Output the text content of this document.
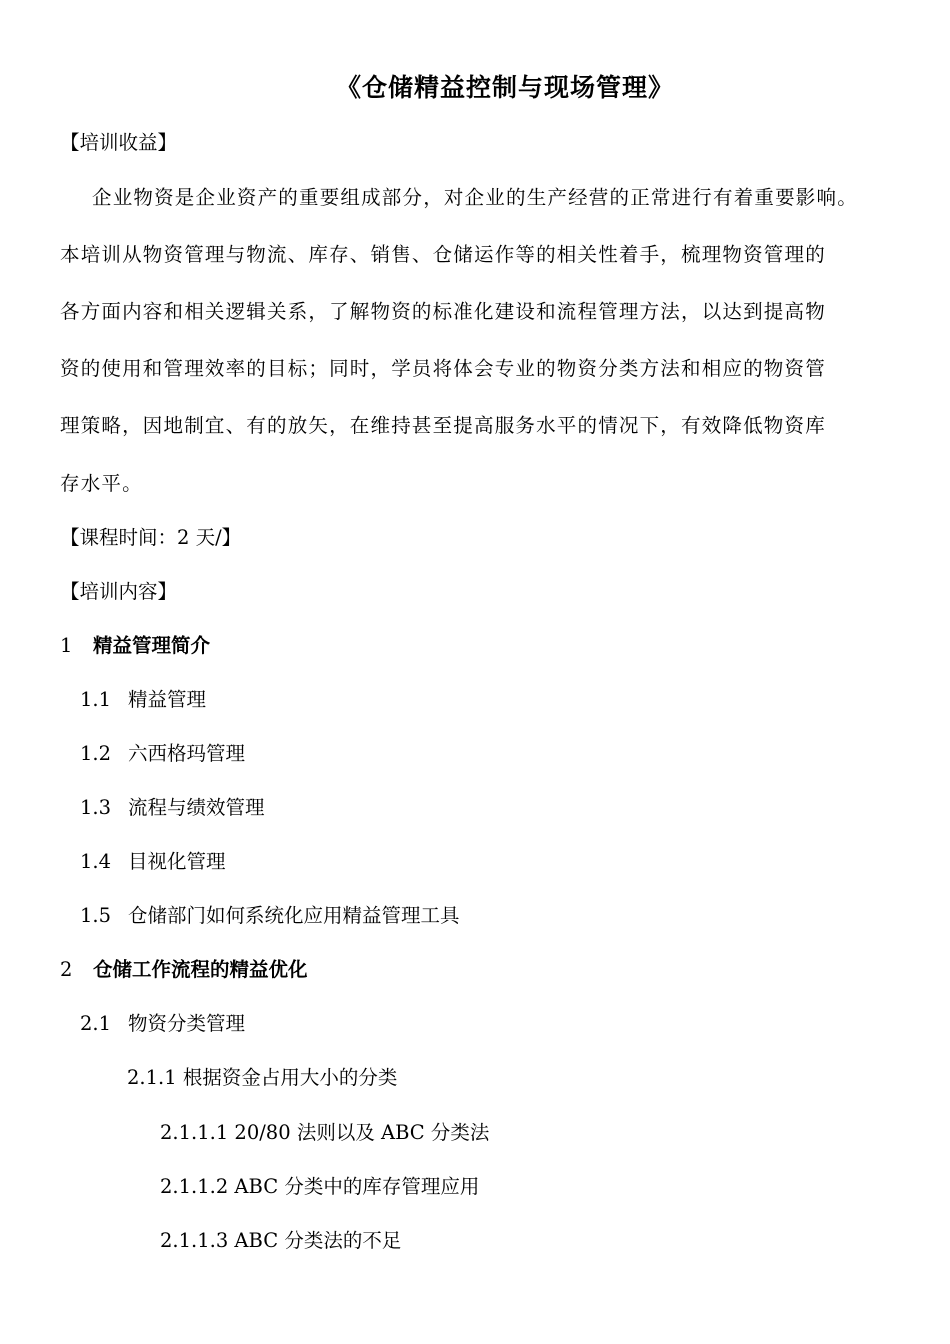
《仓储精益控制与现场管理》
【培训收益】
企业物资是企业资产的重要组成部分，对企业的生产经营的正常进行有着重要影响。
本培训从物资管理与物流、库存、销售、仓储运作等的相关性着手，梳理物资管理的
各方面内容和相关逻辑关系，了解物资的标准化建设和流程管理方法，以达到提高物
资的使用和管理效率的目标；同时，学员将体会专业的物资分类方法和相应的物资管
理策略，因地制宜、有的放矢，在维持甚至提高服务水平的情况下，有效降低物资库
存水平。
【课程时间：2 天/】
【培训内容】
1 精益管理简介
1.1 精益管理
1.2 六西格玛管理
1.3 流程与绩效管理
1.4 目视化管理
1.5 仓储部门如何系统化应用精益管理工具
2 仓储工作流程的精益优化
2.1 物资分类管理
2.1.1 根据资金占用大小的分类
2.1.1.1 20/80 法则以及 ABC 分类法
2.1.1.2 ABC 分类中的库存管理应用
2.1.1.3 ABC 分类法的不足
